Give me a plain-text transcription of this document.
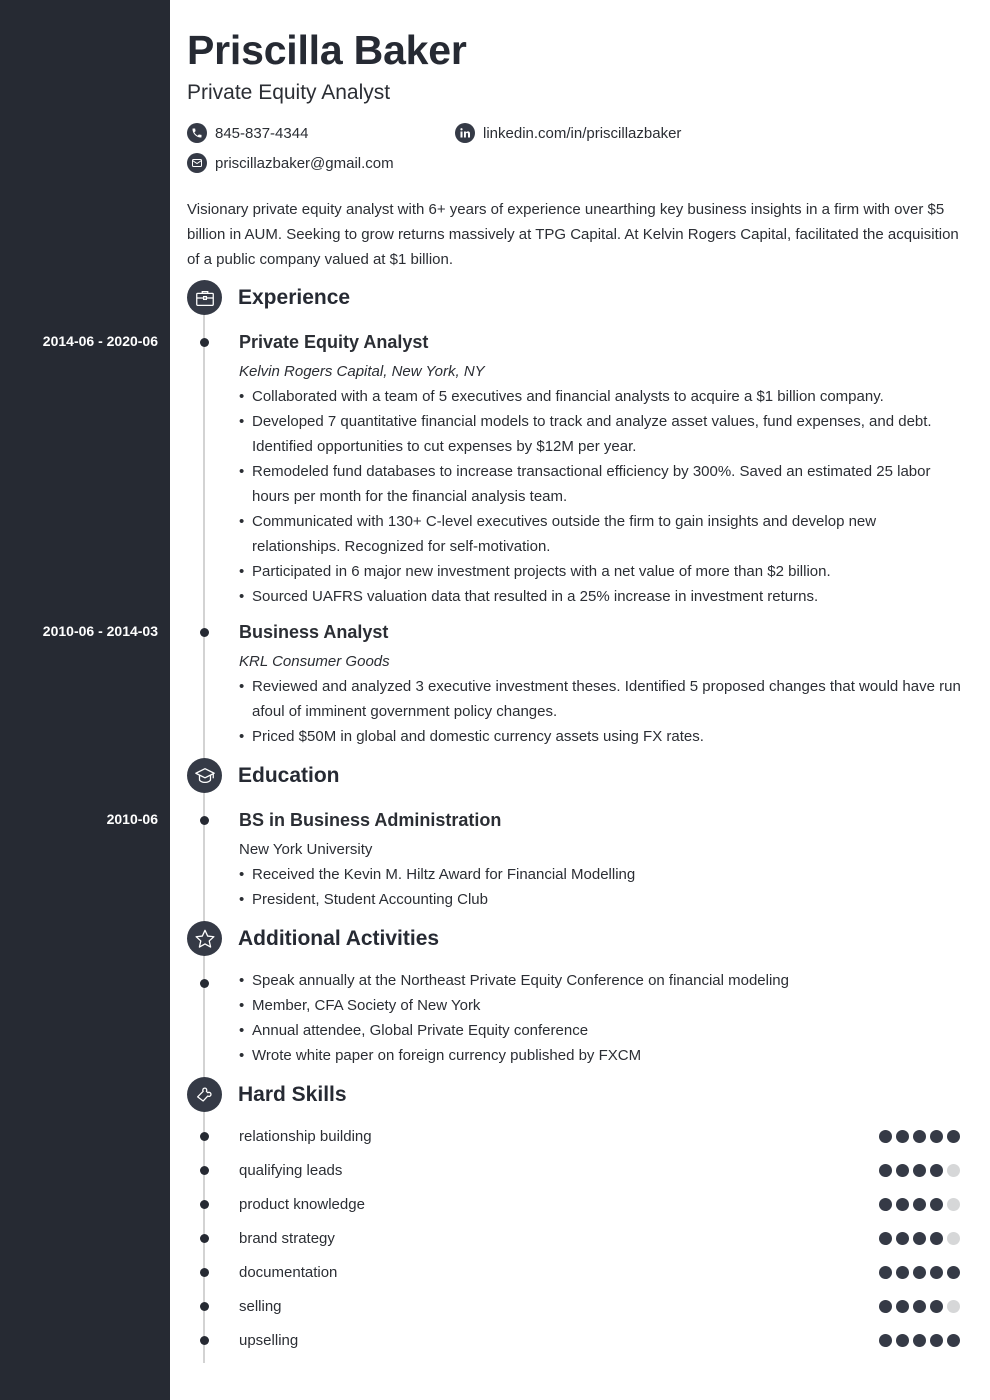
Priscilla Baker
Private Equity Analyst
845-837-4344	linkedin.com/in/priscillazbaker
priscillazbaker@gmail.com

Visionary private equity analyst with 6+ years of experience unearthing key business insights in a firm with over $5 billion in AUM. Seeking to grow returns massively at TPG Capital. At Kelvin Rogers Capital, facilitated the acquisition of a public company valued at $1 billion.

Experience
2014-06 - 2020-06	Private Equity Analyst
Kelvin Rogers Capital, New York, NY
• Collaborated with a team of 5 executives and financial analysts to acquire a $1 billion company.
• Developed 7 quantitative financial models to track and analyze asset values, fund expenses, and debt. Identified opportunities to cut expenses by $12M per year.
• Remodeled fund databases to increase transactional efficiency by 300%. Saved an estimated 25 labor hours per month for the financial analysis team.
• Communicated with 130+ C-level executives outside the firm to gain insights and develop new relationships. Recognized for self-motivation.
• Participated in 6 major new investment projects with a net value of more than $2 billion.
• Sourced UAFRS valuation data that resulted in a 25% increase in investment returns.
2010-06 - 2014-03	Business Analyst
KRL Consumer Goods
• Reviewed and analyzed 3 executive investment theses. Identified 5 proposed changes that would have run afoul of imminent government policy changes.
• Priced $50M in global and domestic currency assets using FX rates.
Education
2010-06	BS in Business Administration
New York University
• Received the Kevin M. Hiltz Award for Financial Modelling
• President, Student Accounting Club
Additional Activities
• Speak annually at the Northeast Private Equity Conference on financial modeling
• Member, CFA Society of New York
• Annual attendee, Global Private Equity conference
• Wrote white paper on foreign currency published by FXCM
Hard Skills
relationship building
qualifying leads
product knowledge
brand strategy
documentation
selling
upselling
